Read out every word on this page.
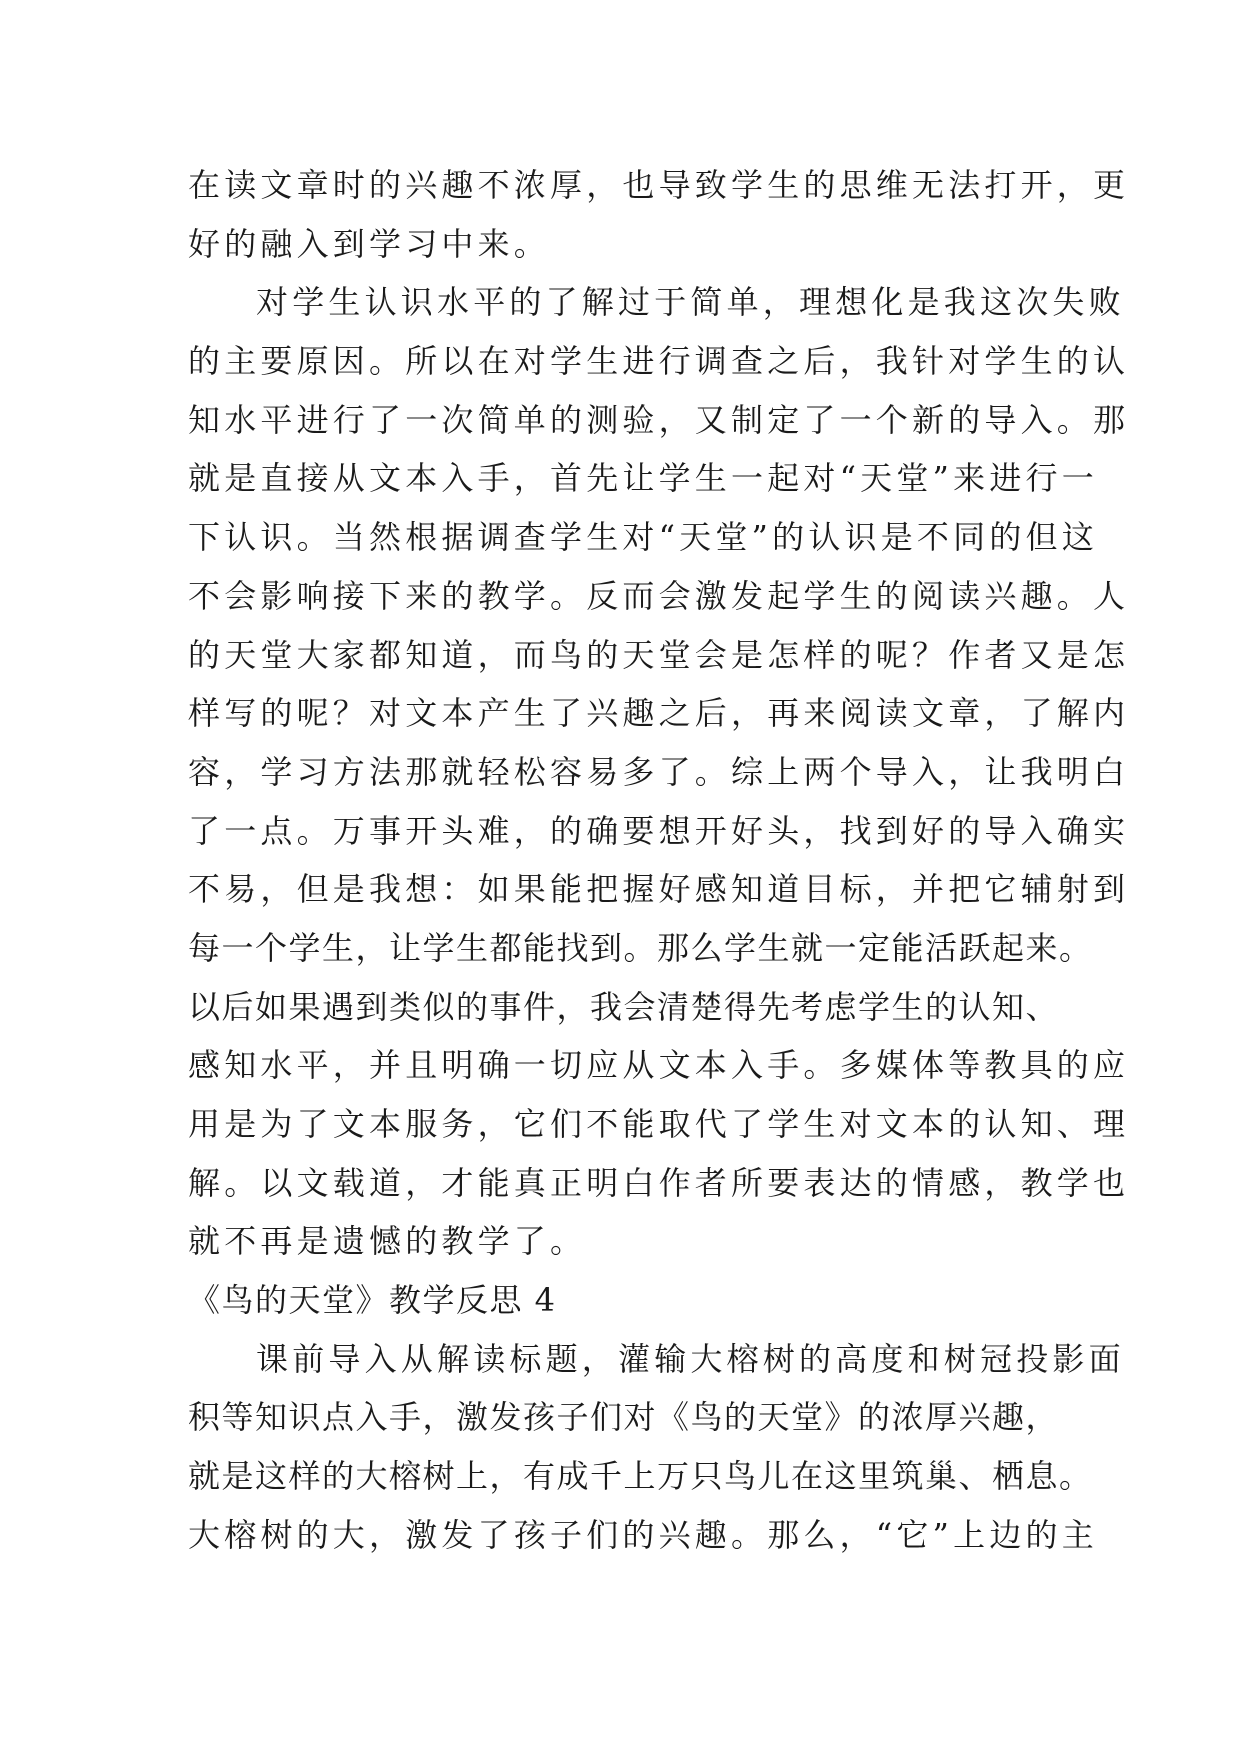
在读文章时的兴趣不浓厚，也导致学生的思维无法打开，更
好的融入到学习中来。
对学生认识水平的了解过于简单，理想化是我这次失败
的主要原因。所以在对学生进行调查之后，我针对学生的认
知水平进行了一次简单的测验，又制定了一个新的导入。那
就是直接从文本入手，首先让学生一起对“天堂”来进行一
下认识。当然根据调查学生对“天堂”的认识是不同的但这
不会影响接下来的教学。反而会激发起学生的阅读兴趣。人
的天堂大家都知道，而鸟的天堂会是怎样的呢？作者又是怎
样写的呢？对文本产生了兴趣之后，再来阅读文章，了解内
容，学习方法那就轻松容易多了。综上两个导入，让我明白
了一点。万事开头难，的确要想开好头，找到好的导入确实
不易，但是我想：如果能把握好感知道目标，并把它辅射到
每一个学生，让学生都能找到。那么学生就一定能活跃起来。
以后如果遇到类似的事件，我会清楚得先考虑学生的认知、
感知水平，并且明确一切应从文本入手。多媒体等教具的应
用是为了文本服务，它们不能取代了学生对文本的认知、理
解。以文载道，才能真正明白作者所要表达的情感，教学也
就不再是遗憾的教学了。
《鸟的天堂》教学反思 4
课前导入从解读标题，灌输大榕树的高度和树冠投影面
积等知识点入手，激发孩子们对《鸟的天堂》的浓厚兴趣，
就是这样的大榕树上，有成千上万只鸟儿在这里筑巢、栖息。
大榕树的大，激发了孩子们的兴趣。那么，“它”上边的主
